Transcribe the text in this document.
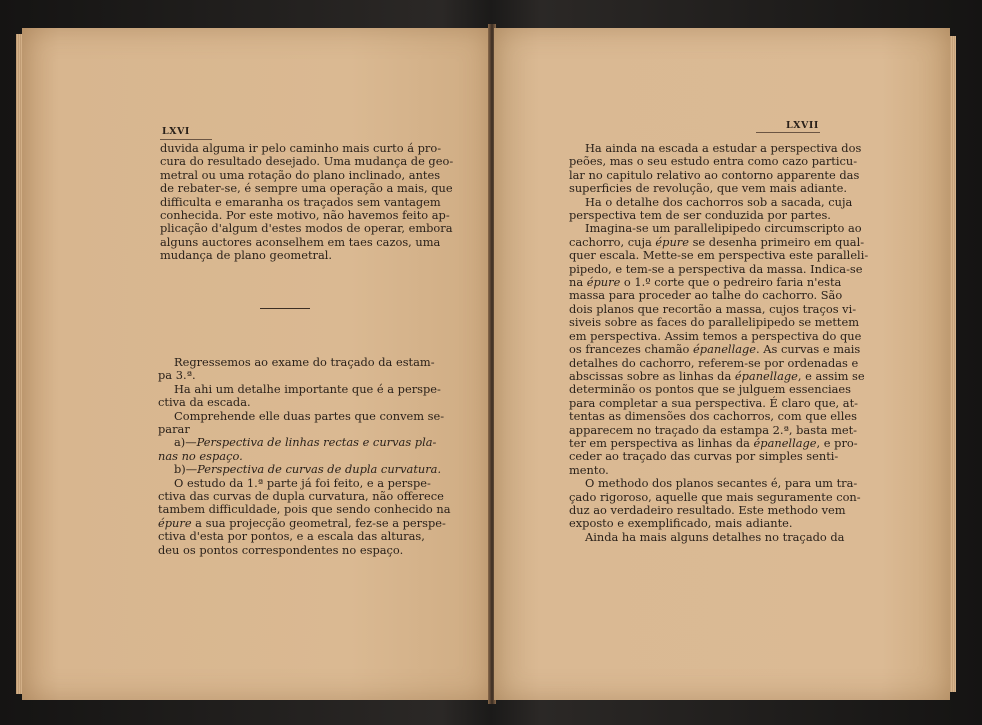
LXVI

duvida alguma ir pelo caminho mais curto á pro-
cura do resultado desejado. Uma mudança de geo-
metral ou uma rotação do plano inclinado, antes
de rebater-se, é sempre uma operação a mais, que
difficulta e emaranha os traçados sem vantagem
conhecida. Por este motivo, não havemos feito ap-
plicação d'algum d'estes modos de operar, embora
alguns auctores aconselhem em taes cazos, uma
mudança de plano geometral.

Regressemos ao exame do traçado da estam-
pa 3.ª.

Ha ahi um detalhe importante que é a perspe-
ctiva da escada.

Comprehende elle duas partes que convem se-
parar

a)—Perspectiva de linhas rectas e curvas pla-
nas no espaço.

b)—Perspectiva de curvas de dupla curvatura.

O estudo da 1.ª parte já foi feito, e a perspe-
ctiva das curvas de dupla curvatura, não offerece
tambem difficuldade, pois que sendo conhecido na
épure a sua projecção geometral, fez-se a perspe-
ctiva d'esta por pontos, e a escala das alturas,
deu os pontos correspondentes no espaço.

LXVII

Ha ainda na escada a estudar a perspectiva dos
peões, mas o seu estudo entra como cazo particu-
lar no capitulo relativo ao contorno apparente das
superficies de revolução, que vem mais adiante.

Ha o detalhe dos cachorros sob a sacada, cuja
perspectiva tem de ser conduzida por partes.

Imagina-se um parallelipipedo circumscripto ao
cachorro, cuja épure se desenha primeiro em qual-
quer escala. Mette-se em perspectiva este paralleli-
pipedo, e tem-se a perspectiva da massa. Indica-se
na épure o 1.º corte que o pedreiro faria n'esta
massa para proceder ao talhe do cachorro. São
dois planos que recortão a massa, cujos traços vi-
siveis sobre as faces do parallelipipedo se mettem
em perspectiva. Assim temos a perspectiva do que
os francezes chamão épanellage. As curvas e mais
detalhes do cachorro, referem-se por ordenadas e
abscissas sobre as linhas da épanellage, e assim se
determinão os pontos que se julguem essenciaes
para completar a sua perspectiva. É claro que, at-
tentas as dimensões dos cachorros, com que elles
apparecem no traçado da estampa 2.ª, basta met-
ter em perspectiva as linhas da épanellage, e pro-
ceder ao traçado das curvas por simples senti-
mento.

O methodo dos planos secantes é, para um tra-
çado rigoroso, aquelle que mais seguramente con-
duz ao verdadeiro resultado. Este methodo vem
exposto e exemplificado, mais adiante.

Ainda ha mais alguns detalhes no traçado da
